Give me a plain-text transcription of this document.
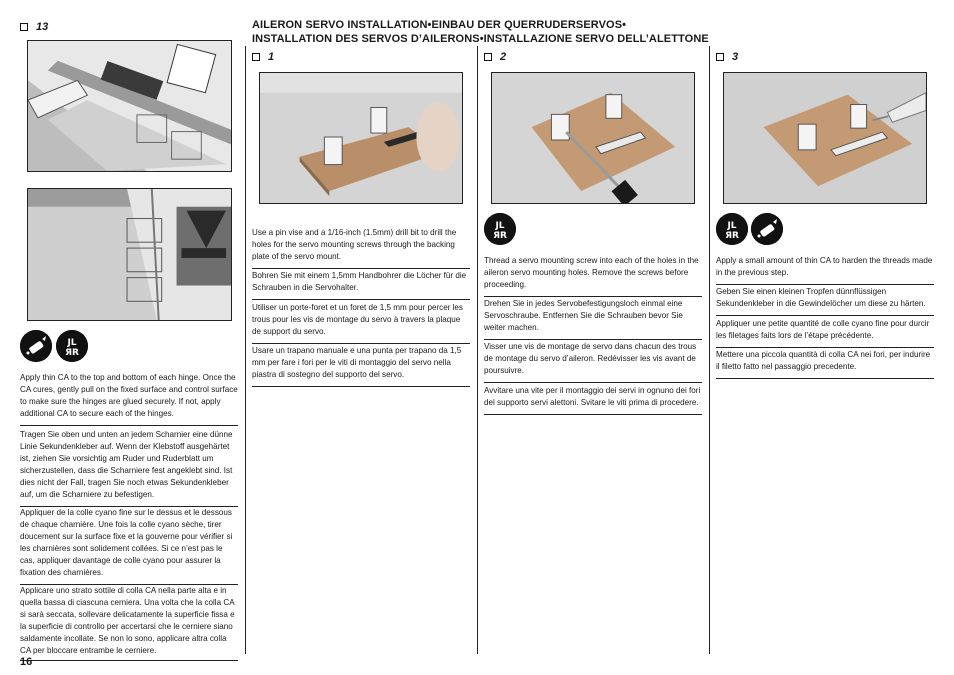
13
JL
ЯR
Apply thin CA to the top and bottom of each hinge. Once the CA cures, gently pull on the fixed surface and control surface to make sure the hinges are glued securely. If not, apply additional CA to secure each of the hinges.
Tragen Sie oben und unten an jedem Scharnier eine dünne Linie Sekundenkleber auf. Wenn der Klebstoff ausgehärtet ist, ziehen Sie vorsichtig am Ruder und Ruderblatt um sicherzustellen, dass die Scharniere fest angeklebt sind. Ist dies nicht der Fall, tragen Sie noch etwas Sekundenkleber auf, um die Scharniere zu befestigen.
Appliquer de la colle cyano fine sur le dessus et le dessous de chaque charnière. Une fois la colle cyano sèche, tirer doucement sur la surface fixe et la gouverne pour vérifier si les charnières sont solidement collées. Si ce n’est pas le cas, appliquer davantage de colle cyano pour assurer la fixation des charnières.
Applicare uno strato sottile di colla CA nella parte alta e in quella bassa di ciascuna cerniera. Una volta che la colla CA si sarà seccata, sollevare delicatamente la superficie fissa e la superficie di controllo per accertarsi che le cerniere siano saldamente incollate. Se non lo sono, applicare altra colla CA per bloccare entrambe le cerniere.
16
AILERON SERVO INSTALLATION•EINBAU DER QUERRUDERSERVOS•
INSTALLATION DES SERVOS D’AILERONS•INSTALLAZIONE SERVO DELL’ALETTONE
1
Use a pin vise and a 1/16-inch (1.5mm) drill bit to drill the holes for the servo mounting screws through the backing plate of the servo mount.
Bohren Sie mit einem 1,5mm Handbohrer die Löcher für die Schrauben in die Servohalter.
Utiliser un porte-foret et un foret de 1,5 mm pour percer les trous pour les vis de montage du servo à travers la plaque de support du servo.
Usare un trapano manuale e una punta per trapano da 1,5 mm per fare i fori per le viti di montaggio del servo nella piastra di sostegno del supporto del servo.
2
JL
ЯR
Thread a servo mounting screw into each of the holes in the aileron servo mounting holes. Remove the screws before proceeding.
Drehen Sie in jedes Servobefestigungsloch einmal eine Servoschraube. Entfernen Sie die Schrauben bevor Sie weiter machen.
Visser une vis de montage de servo dans chacun des trous de montage du servo d’aileron. Redévisser les vis avant de poursuivre.
Avvitare una vite per il montaggio dei servi in ognuno dei fori del supporto servi alettoni. Svitare le viti prima di procedere.
3
JL
ЯR
Apply a small amount of thin CA to harden the threads made in the previous step.
Geben Sie einen kleinen Tropfen dünnflüssigen Sekundenkleber in die Gewindelöcher um diese zu härten.
Appliquer une petite quantité de colle cyano fine pour durcir les filetages faits lors de l’étape précédente.
Mettere una piccola quantità di colla CA nei fori, per indurire il filetto fatto nel passaggio precedente.
